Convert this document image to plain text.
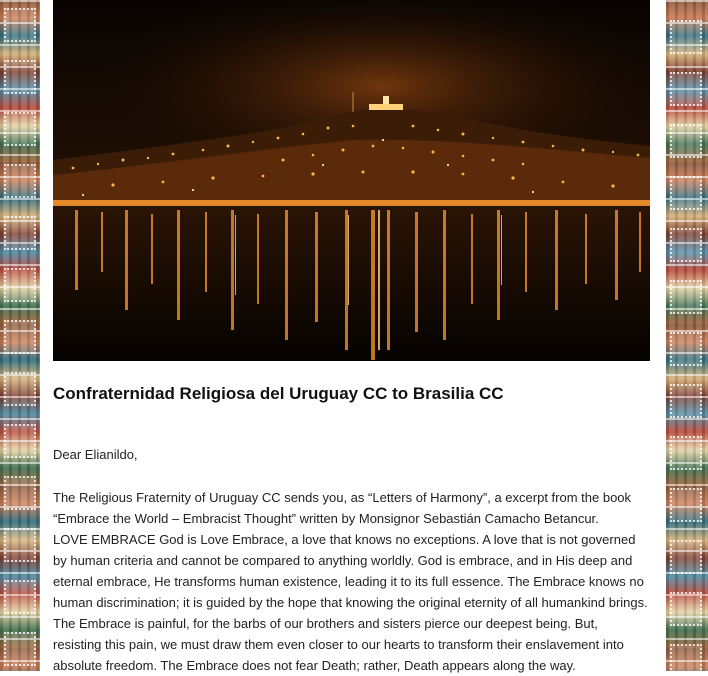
Confraternidad Religiosa del Uruguay CC to Brasilia CC
Dear Elianildo,

The Religious Fraternity of Uruguay CC sends you, as “Letters of Harmony”, a excerpt from the book “Embrace the World – Embracist Thought” written by Monsignor Sebastián Camacho Betancur.

LOVE EMBRACE God is Love Embrace, a love that knows no exceptions. A love that is not governed by human criteria and cannot be compared to anything worldly. God is embrace, and in His deep and eternal embrace, He transforms human existence, leading it to its full essence. The Embrace knows no human discrimination; it is guided by the hope that knowing the original eternity of all humankind brings. The Embrace is painful, for the barbs of our brothers and sisters pierce our deepest being. But, resisting this pain, we must draw them even closer to our hearts to transform their enslavement into absolute freedom. The Embrace does not fear Death; rather, Death appears along the way.
